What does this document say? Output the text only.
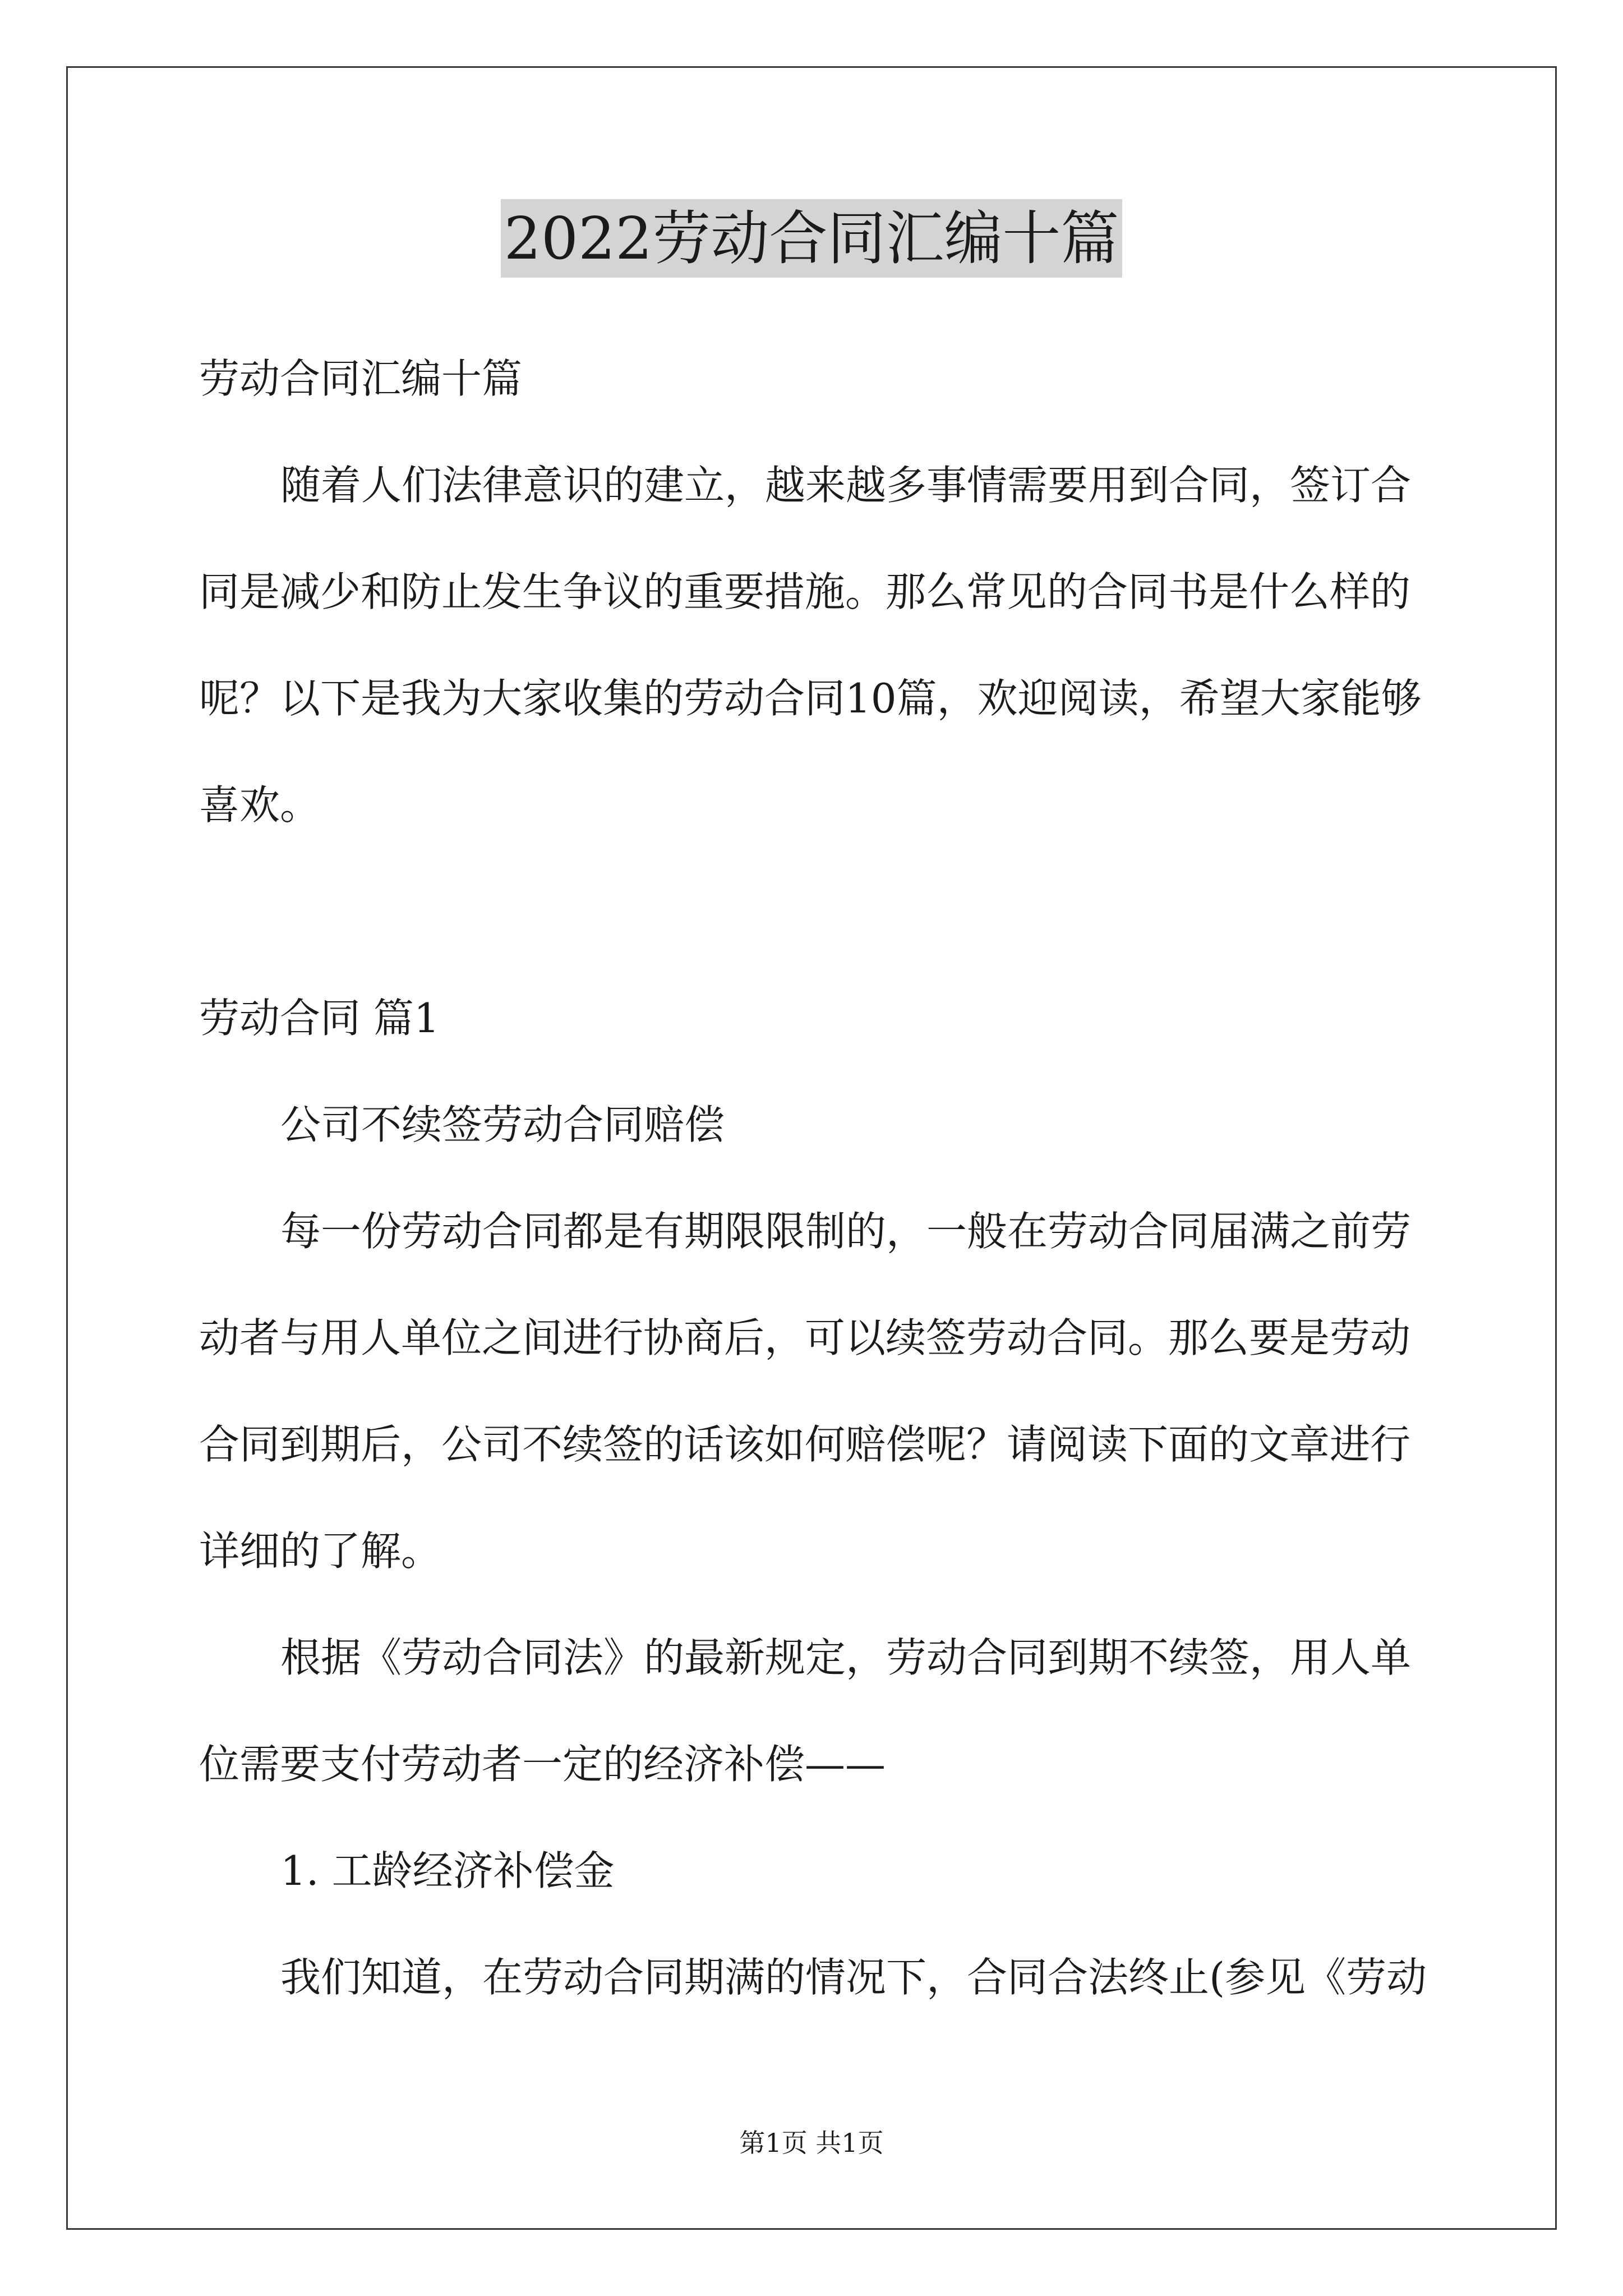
2022劳动合同汇编十篇
劳动合同汇编十篇
随着人们法律意识的建立，越来越多事情需要用到合同，签订合
同是减少和防止发生争议的重要措施。那么常见的合同书是什么样的
呢？以下是我为大家收集的劳动合同10篇，欢迎阅读，希望大家能够
喜欢。
劳动合同 篇1
公司不续签劳动合同赔偿
每一份劳动合同都是有期限限制的，一般在劳动合同届满之前劳
动者与用人单位之间进行协商后，可以续签劳动合同。那么要是劳动
合同到期后，公司不续签的话该如何赔偿呢？请阅读下面的文章进行
详细的了解。
根据《劳动合同法》的最新规定，劳动合同到期不续签，用人单
位需要支付劳动者一定的经济补偿——
1. 工龄经济补偿金
我们知道，在劳动合同期满的情况下，合同合法终止(参见《劳动
第1页 共1页
